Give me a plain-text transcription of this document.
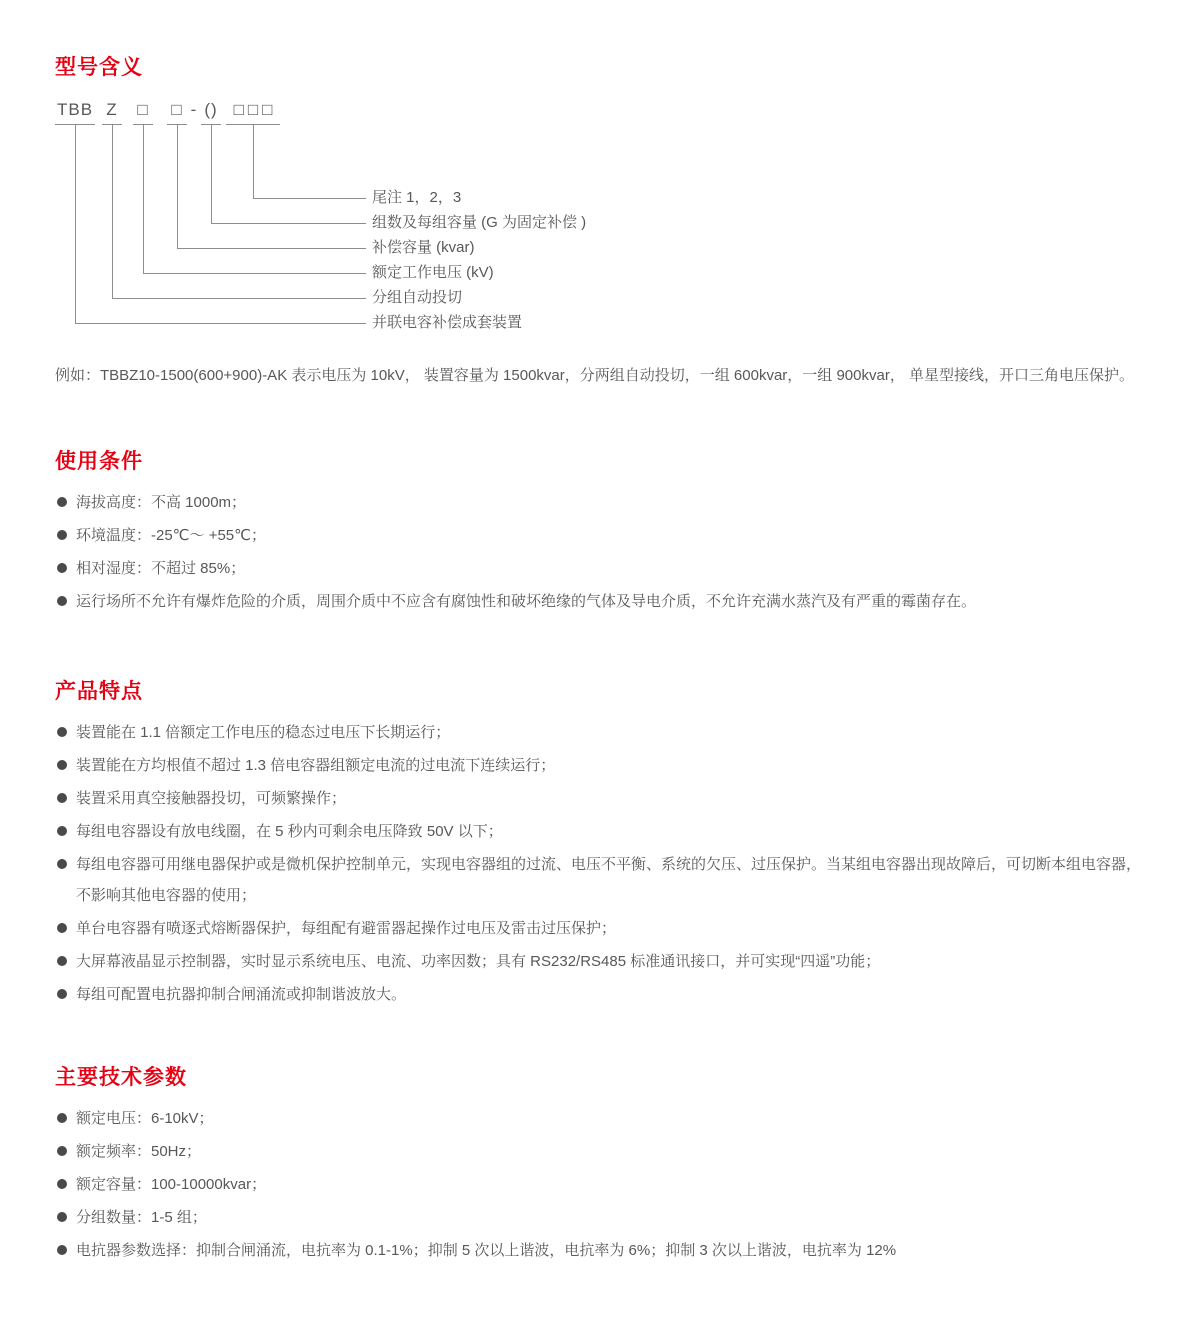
型号含义
TBB Z □ □ - () □□□
尾注 1，2，3
组数及每组容量 (G 为固定补偿 )
补偿容量 (kvar)
额定工作电压 (kV)
分组自动投切
并联电容补偿成套装置

例如：TBBZ10-1500(600+900)-AK 表示电压为 10kV， 装置容量为 1500kvar，分两组自动投切，一组 600kvar，一组 900kvar， 单星型接线，开口三角电压保护。

使用条件
海拔高度：不高 1000m；
环境温度：-25℃～ +55℃；
相对湿度：不超过 85%；
运行场所不允许有爆炸危险的介质，周围介质中不应含有腐蚀性和破坏绝缘的气体及导电介质，不允许充满水蒸汽及有严重的霉菌存在。
产品特点
装置能在 1.1 倍额定工作电压的稳态过电压下长期运行；
装置能在方均根值不超过 1.3 倍电容器组额定电流的过电流下连续运行；
装置采用真空接触器投切，可频繁操作；
每组电容器设有放电线圈，在 5 秒内可剩余电压降致 50V 以下；
每组电容器可用继电器保护或是微机保护控制单元，实现电容器组的过流、电压不平衡、系统的欠压、过压保护。当某组电容器出现故障后，可切断本组电容器，不影响其他电容器的使用；
单台电容器有喷逐式熔断器保护，每组配有避雷器起操作过电压及雷击过压保护；
大屏幕液晶显示控制器，实时显示系统电压、电流、功率因数；具有 RS232/RS485 标准通讯接口，并可实现“四遥”功能；
每组可配置电抗器抑制合闸涌流或抑制谐波放大。
主要技术参数
额定电压：6-10kV；
额定频率：50Hz；
额定容量：100-10000kvar；
分组数量：1-5 组；
电抗器参数选择：抑制合闸涌流，电抗率为 0.1-1%；抑制 5 次以上谐波，电抗率为 6%；抑制 3 次以上谐波，电抗率为 12%
